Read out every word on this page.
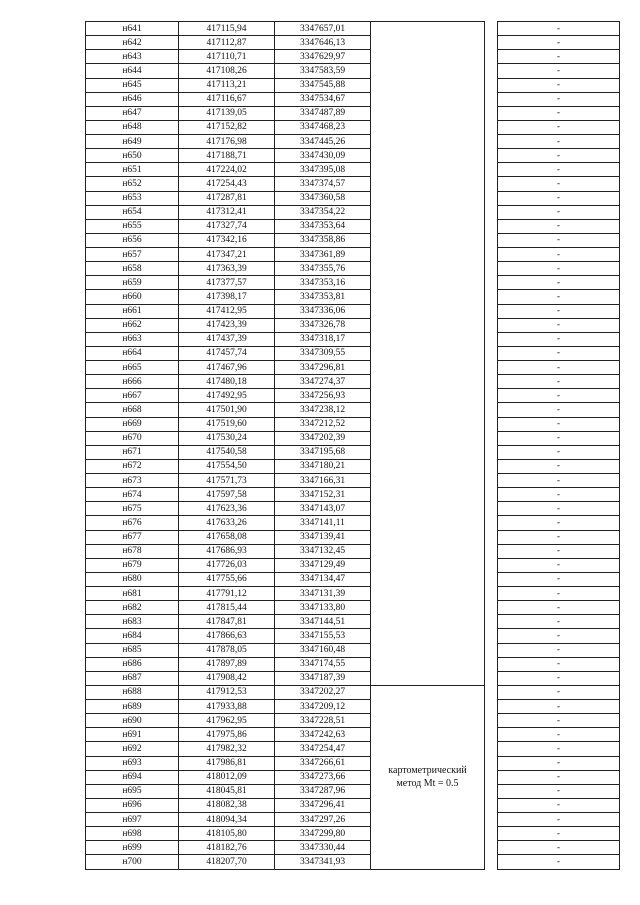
н641	417115,94	3347657,01			-
н642	417112,87	3347646,13			-
н643	417110,71	3347629,97			-
н644	417108,26	3347583,59			-
н645	417113,21	3347545,88			-
н646	417116,67	3347534,67			-
н647	417139,05	3347487,89			-
н648	417152,82	3347468,23			-
н649	417176,98	3347445,26			-
н650	417188,71	3347430,09			-
н651	417224,02	3347395,08			-
н652	417254,43	3347374,57			-
н653	417287,81	3347360,58			-
н654	417312,41	3347354,22			-
н655	417327,74	3347353,64			-
н656	417342,16	3347358,86			-
н657	417347,21	3347361,89			-
н658	417363,39	3347355,76			-
н659	417377,57	3347353,16			-
н660	417398,17	3347353,81			-
н661	417412,95	3347336,06			-
н662	417423,39	3347326,78			-
н663	417437,39	3347318,17			-
н664	417457,74	3347309,55			-
н665	417467,96	3347296,81			-
н666	417480,18	3347274,37			-
н667	417492,95	3347256,93			-
н668	417501,90	3347238,12			-
н669	417519,60	3347212,52			-
н670	417530,24	3347202,39			-
н671	417540,58	3347195,68			-
н672	417554,50	3347180,21			-
н673	417571,73	3347166,31			-
н674	417597,58	3347152,31			-
н675	417623,36	3347143,07			-
н676	417633,26	3347141,11			-
н677	417658,08	3347139,41			-
н678	417686,93	3347132,45			-
н679	417726,03	3347129,49			-
н680	417755,66	3347134,47			-
н681	417791,12	3347131,39			-
н682	417815,44	3347133,80			-
н683	417847,81	3347144,51			-
н684	417866,63	3347155,53			-
н685	417878,05	3347160,48			-
н686	417897,89	3347174,55			-
н687	417908,42	3347187,39			-
н688	417912,53	3347202,27	картометрический метод Mt = 0.5		-
н689	417933,88	3347209,12			-
н690	417962,95	3347228,51			-
н691	417975,86	3347242,63			-
н692	417982,32	3347254,47			-
н693	417986,81	3347266,61			-
н694	418012,09	3347273,66			-
н695	418045,81	3347287,96			-
н696	418082,38	3347296,41			-
н697	418094,34	3347297,26			-
н698	418105,80	3347299,80			-
н699	418182,76	3347330,44			-
н700	418207,70	3347341,93			-
